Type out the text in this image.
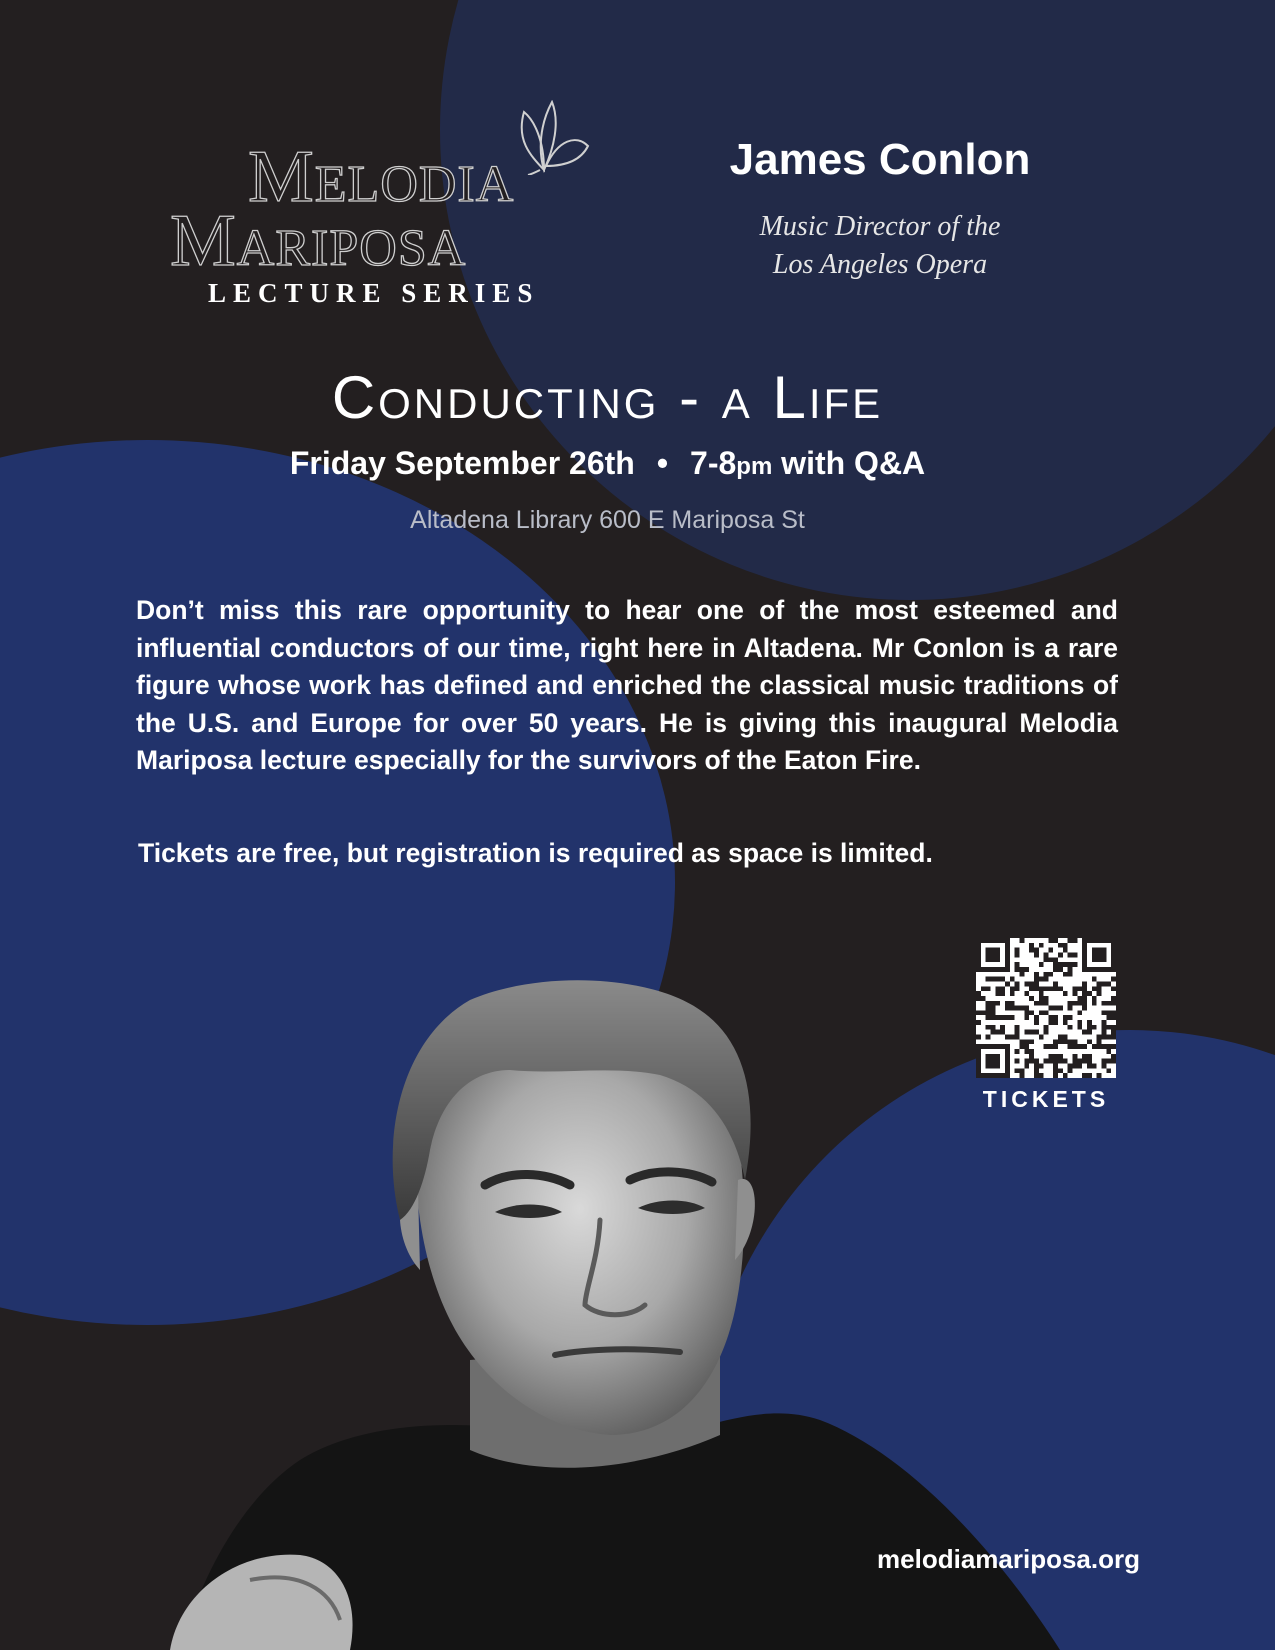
Melodia
Mariposa
LECTURE SERIES
James Conlon
Music Director of the
Los Angeles Opera
Conducting - a Life
Friday September 26th • 7-8pm with Q&A
Altadena Library 600 E Mariposa St

Don’t miss this rare opportunity to hear one of the most esteemed and influential conductors of our time, right here in Altadena. Mr Conlon is a rare figure whose work has defined and enriched the classical music traditions of the U.S. and Europe for over 50 years. He is giving this inaugural Melodia Mariposa lecture especially for the survivors of the Eaton Fire.

Tickets are free, but registration is required as space is limited.
TICKETS
melodiamariposa.org
